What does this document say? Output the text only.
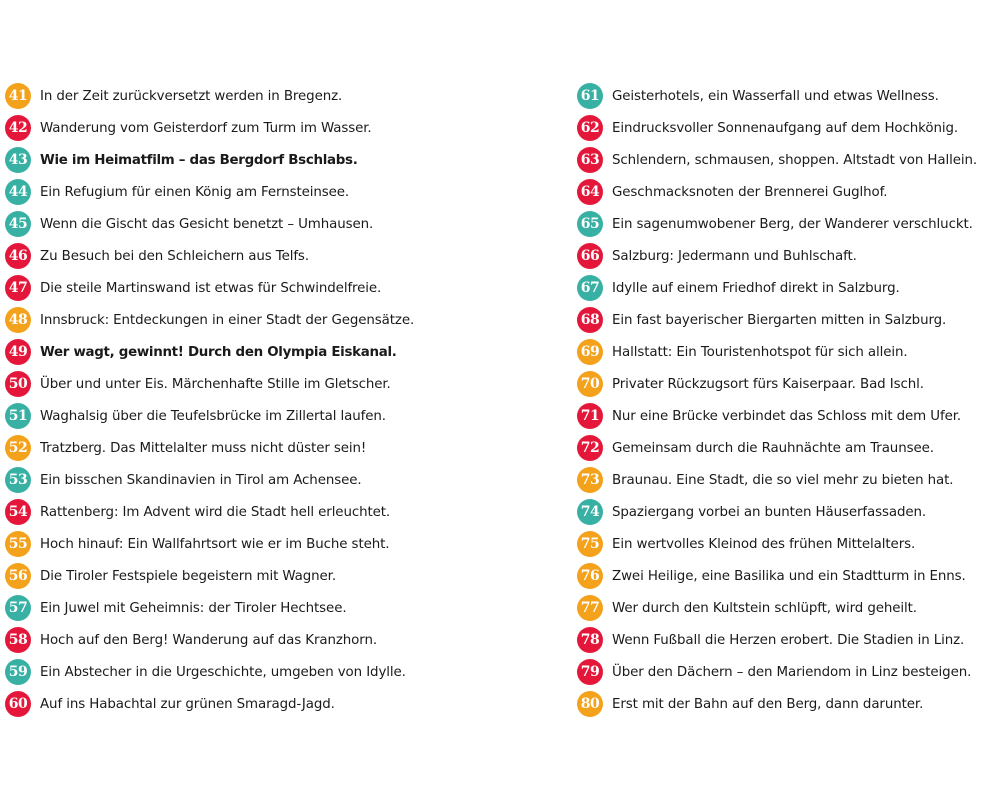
41 In der Zeit zurückversetzt werden in Bregenz.
42 Wanderung vom Geisterdorf zum Turm im Wasser.
43 Wie im Heimatfilm – das Bergdorf Bschlabs.
44 Ein Refugium für einen König am Fernsteinsee.
45 Wenn die Gischt das Gesicht benetzt – Umhausen.
46 Zu Besuch bei den Schleichern aus Telfs.
47 Die steile Martinswand ist etwas für Schwindelfreie.
48 Innsbruck: Entdeckungen in einer Stadt der Gegensätze.
49 Wer wagt, gewinnt! Durch den Olympia Eiskanal.
50 Über und unter Eis. Märchenhafte Stille im Gletscher.
51 Waghalsig über die Teufelsbrücke im Zillertal laufen.
52 Tratzberg. Das Mittelalter muss nicht düster sein!
53 Ein bisschen Skandinavien in Tirol am Achensee.
54 Rattenberg: Im Advent wird die Stadt hell erleuchtet.
55 Hoch hinauf: Ein Wallfahrtsort wie er im Buche steht.
56 Die Tiroler Festspiele begeistern mit Wagner.
57 Ein Juwel mit Geheimnis: der Tiroler Hechtsee.
58 Hoch auf den Berg! Wanderung auf das Kranzhorn.
59 Ein Abstecher in die Urgeschichte, umgeben von Idylle.
60 Auf ins Habachtal zur grünen Smaragd-Jagd.
61 Geisterhotels, ein Wasserfall und etwas Wellness.
62 Eindrucksvoller Sonnenaufgang auf dem Hochkönig.
63 Schlendern, schmausen, shoppen. Altstadt von Hallein.
64 Geschmacksnoten der Brennerei Guglhof.
65 Ein sagenumwobener Berg, der Wanderer verschluckt.
66 Salzburg: Jedermann und Buhlschaft.
67 Idylle auf einem Friedhof direkt in Salzburg.
68 Ein fast bayerischer Biergarten mitten in Salzburg.
69 Hallstatt: Ein Touristenhotspot für sich allein.
70 Privater Rückzugsort fürs Kaiserpaar. Bad Ischl.
71 Nur eine Brücke verbindet das Schloss mit dem Ufer.
72 Gemeinsam durch die Rauhnächte am Traunsee.
73 Braunau. Eine Stadt, die so viel mehr zu bieten hat.
74 Spaziergang vorbei an bunten Häuserfassaden.
75 Ein wertvolles Kleinod des frühen Mittelalters.
76 Zwei Heilige, eine Basilika und ein Stadtturm in Enns.
77 Wer durch den Kultstein schlüpft, wird geheilt.
78 Wenn Fußball die Herzen erobert. Die Stadien in Linz.
79 Über den Dächern – den Mariendom in Linz besteigen.
80 Erst mit der Bahn auf den Berg, dann darunter.
